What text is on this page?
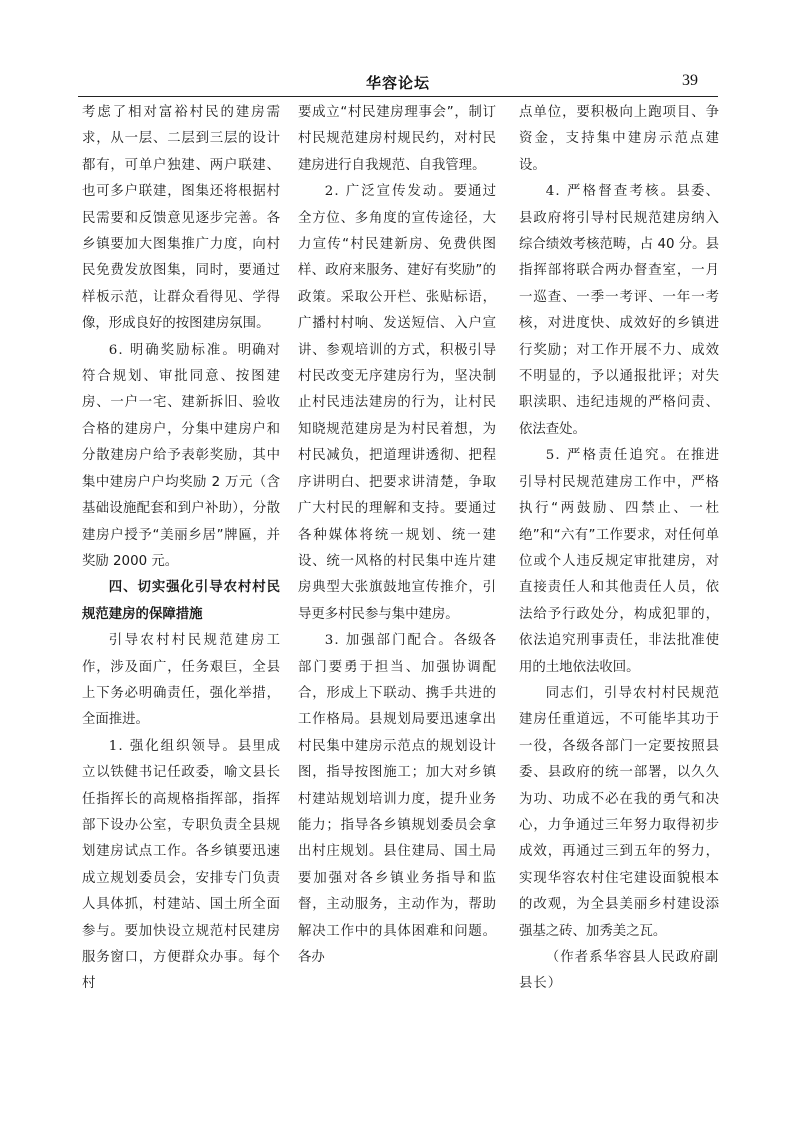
华容论坛	39

考虑了相对富裕村民的建房需求，从一层、二层到三层的设计都有，可单户独建、两户联建、也可多户联建，图集还将根据村民需要和反馈意见逐步完善。各乡镇要加大图集推广力度，向村民免费发放图集，同时，要通过样板示范，让群众看得见、学得像，形成良好的按图建房氛围。

6. 明确奖励标准。明确对符合规划、审批同意、按图建房、一户一宅、建新拆旧、验收合格的建房户，分集中建房户和分散建房户给予表彰奖励，其中集中建房户户均奖励 2 万元（含基础设施配套和到户补助），分散建房户授予“美丽乡居”牌匾，并奖励 2000 元。

四、切实强化引导农村村民规范建房的保障措施

引导农村村民规范建房工作，涉及面广，任务艰巨，全县上下务必明确责任，强化举措，全面推进。

1. 强化组织领导。县里成立以铁健书记任政委，喻文县长任指挥长的高规格指挥部，指挥部下设办公室，专职负责全县规划建房试点工作。各乡镇要迅速成立规划委员会，安排专门负责人具体抓，村建站、国土所全面参与。要加快设立规范村民建房服务窗口，方便群众办事。每个村

要成立“村民建房理事会”，制订村民规范建房村规民约，对村民建房进行自我规范、自我管理。

2. 广泛宣传发动。要通过全方位、多角度的宣传途径，大力宣传“村民建新房、免费供图样、政府来服务、建好有奖励”的政策。采取公开栏、张贴标语，广播村村响、发送短信、入户宣讲、参观培训的方式，积极引导村民改变无序建房行为，坚决制止村民违法建房的行为，让村民知晓规范建房是为村民着想，为村民减负，把道理讲透彻、把程序讲明白、把要求讲清楚，争取广大村民的理解和支持。要通过各种媒体将统一规划、统一建设、统一风格的村民集中连片建房典型大张旗鼓地宣传推介，引导更多村民参与集中建房。

3. 加强部门配合。各级各部门要勇于担当、加强协调配合，形成上下联动、携手共进的工作格局。县规划局要迅速拿出村民集中建房示范点的规划设计图，指导按图施工；加大对乡镇村建站规划培训力度，提升业务能力；指导各乡镇规划委员会拿出村庄规划。县住建局、国土局要加强对各乡镇业务指导和监督，主动服务，主动作为，帮助解决工作中的具体困难和问题。各办

点单位，要积极向上跑项目、争资金，支持集中建房示范点建设。

4. 严格督查考核。县委、县政府将引导村民规范建房纳入综合绩效考核范畴，占 40 分。县指挥部将联合两办督查室，一月一巡查、一季一考评、一年一考核，对进度快、成效好的乡镇进行奖励；对工作开展不力、成效不明显的，予以通报批评；对失职渎职、违纪违规的严格问责、依法查处。

5. 严格责任追究。在推进引导村民规范建房工作中，严格执行“两鼓励、四禁止、一杜绝”和“六有”工作要求，对任何单位或个人违反规定审批建房，对直接责任人和其他责任人员，依法给予行政处分，构成犯罪的，依法追究刑事责任，非法批准使用的土地依法收回。

同志们，引导农村村民规范建房任重道远，不可能毕其功于一役，各级各部门一定要按照县委、县政府的统一部署，以久久为功、功成不必在我的勇气和决心，力争通过三年努力取得初步成效，再通过三到五年的努力，实现华容农村住宅建设面貌根本的改观，为全县美丽乡村建设添强基之砖、加秀美之瓦。

（作者系华容县人民政府副县长）
